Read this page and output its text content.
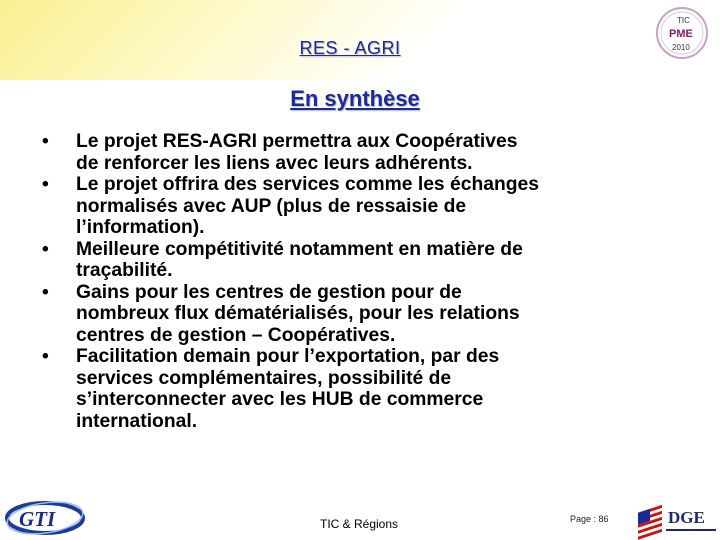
RES - AGRI
TIC
PME
2010
En synthèse
• Le projet RES-AGRI permettra aux Coopératives
de renforcer les liens avec leurs adhérents.
• Le projet offrira des services comme les échanges
normalisés avec AUP (plus de ressaisie de
l’information).
• Meilleure compétitivité notamment en matière de
traçabilité.
• Gains pour les centres de gestion pour de
nombreux flux dématérialisés, pour les relations
centres de gestion – Coopératives.
• Facilitation demain pour l’exportation, par des
services complémentaires, possibilité de
s’interconnecter avec les HUB de commerce
international.
GTI	TIC & Régions	Page : 86	DGE
